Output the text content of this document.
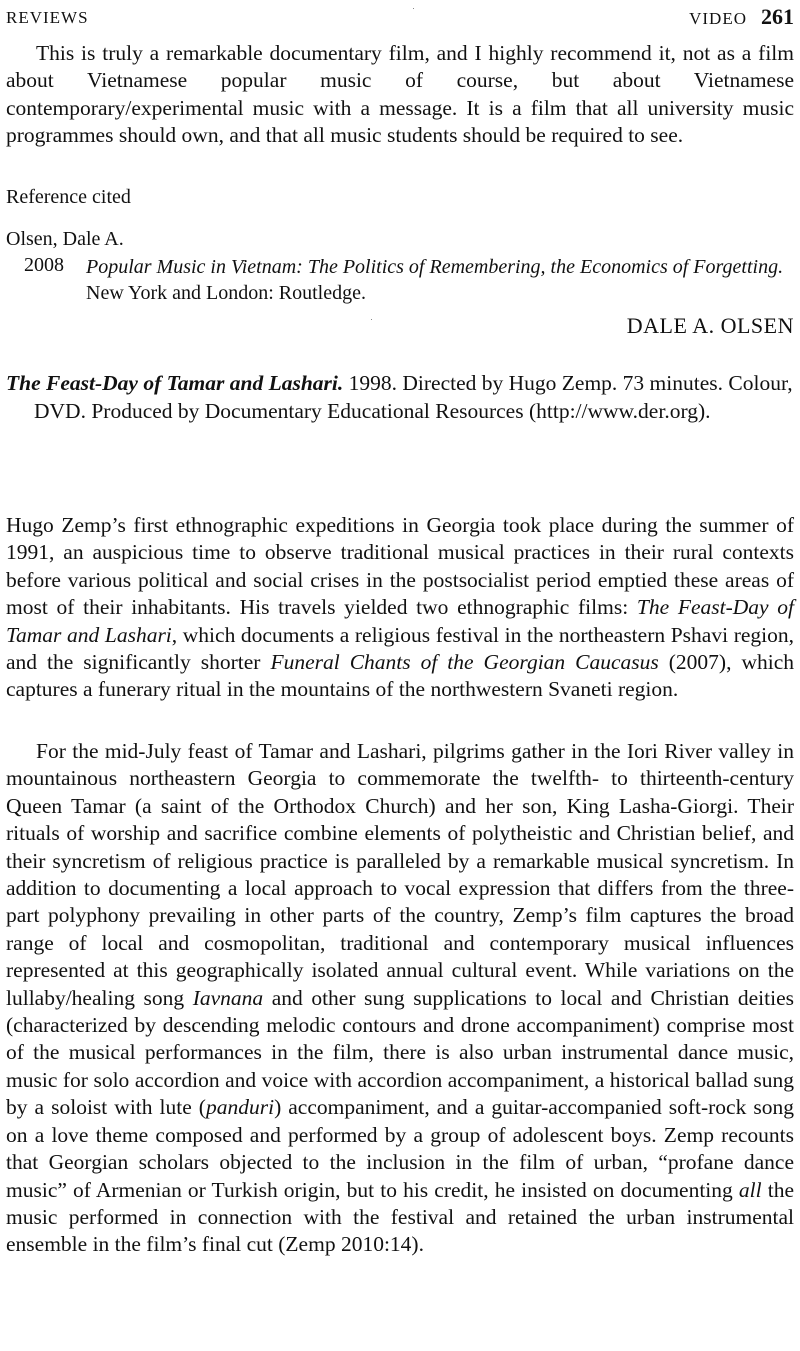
REVIEWS	VIDEO 261

This is truly a remarkable documentary film, and I highly recommend it, not as a film about Vietnamese popular music of course, but about Vietnamese contemporary/experimental music with a message. It is a film that all university music programmes should own, and that all music students should be required to see.

Reference cited
Olsen, Dale A.
2008 Popular Music in Vietnam: The Politics of Remembering, the Economics of Forgetting. New York and London: Routledge.
DALE A. OLSEN
The Feast-Day of Tamar and Lashari. 1998. Directed by Hugo Zemp. 73 minutes. Colour, DVD. Produced by Documentary Educational Resources (http://www.der.org).

Hugo Zemp’s first ethnographic expeditions in Georgia took place during the summer of 1991, an auspicious time to observe traditional musical practices in their rural contexts before various political and social crises in the postsocialist period emptied these areas of most of their inhabitants. His travels yielded two ethnographic films: The Feast-Day of Tamar and Lashari, which documents a religious festival in the northeastern Pshavi region, and the significantly shorter Funeral Chants of the Georgian Caucasus (2007), which captures a funerary ritual in the mountains of the northwestern Svaneti region.

For the mid-July feast of Tamar and Lashari, pilgrims gather in the Iori River valley in mountainous northeastern Georgia to commemorate the twelfth- to thirteenth-century Queen Tamar (a saint of the Orthodox Church) and her son, King Lasha-Giorgi. Their rituals of worship and sacrifice combine elements of polytheistic and Christian belief, and their syncretism of religious practice is paralleled by a remarkable musical syncretism. In addition to documenting a local approach to vocal expression that differs from the three-part polyphony prevailing in other parts of the country, Zemp’s film captures the broad range of local and cosmopolitan, traditional and contemporary musical influences represented at this geographically isolated annual cultural event. While variations on the lullaby/healing song Iavnana and other sung supplications to local and Christian deities (characterized by descending melodic contours and drone accompaniment) comprise most of the musical performances in the film, there is also urban instrumental dance music, music for solo accordion and voice with accordion accompaniment, a historical ballad sung by a soloist with lute (panduri) accompaniment, and a guitar-accompanied soft-rock song on a love theme composed and performed by a group of adolescent boys. Zemp recounts that Georgian scholars objected to the inclusion in the film of urban, “profane dance music” of Armenian or Turkish origin, but to his credit, he insisted on documenting all the music performed in connection with the festival and retained the urban instrumental ensemble in the film’s final cut (Zemp 2010:14).
